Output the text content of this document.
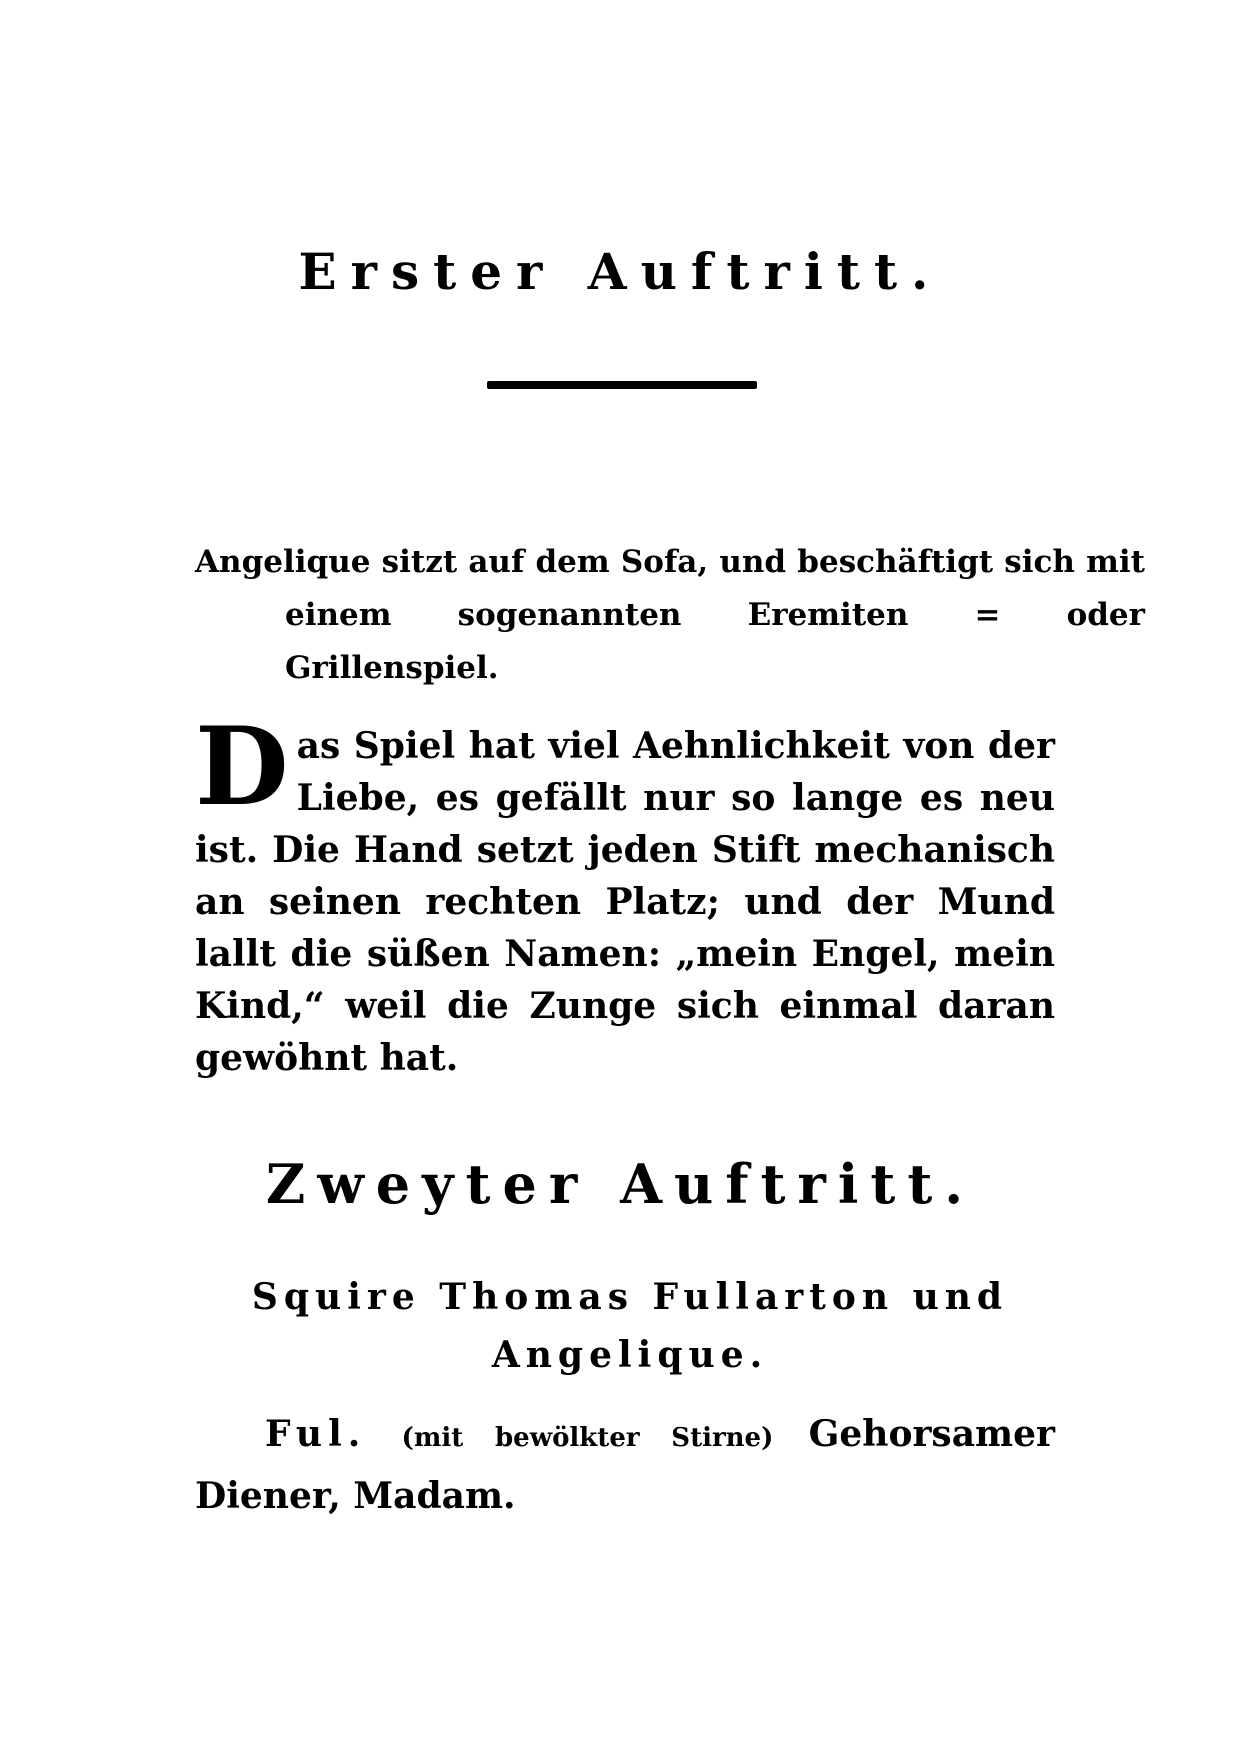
Erster Auftritt.
Angelique sitzt auf dem Sofa, und beschäftigt sich mit einem sogenannten Eremiten = oder Grillenspiel.
Das Spiel hat viel Aehnlichkeit von der Liebe, es gefällt nur so lange es neu ist. Die Hand setzt jeden Stift mechanisch an seinen rechten Platz; und der Mund lallt die süßen Namen: „mein Engel, mein Kind,“ weil die Zunge sich einmal daran gewöhnt hat.
Zweyter Auftritt.
Squire Thomas Fullarton und Angelique.
Ful. (mit bewölkter Stirne) Gehorsamer Diener, Madam.
